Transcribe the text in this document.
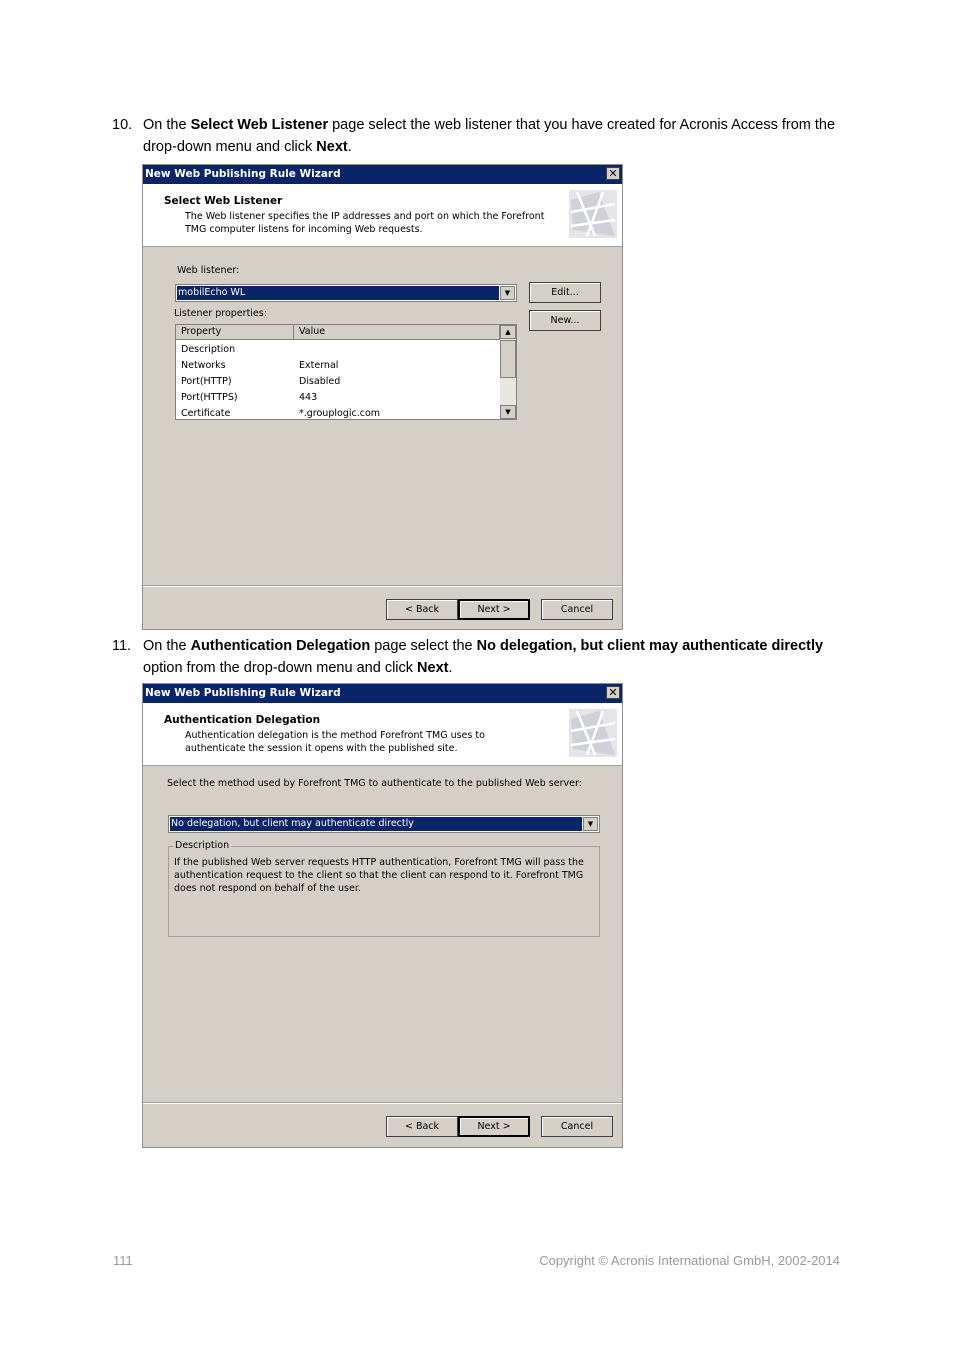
10. On the Select Web Listener page select the web listener that you have created for Acronis Access from the drop-down menu and click Next.
New Web Publishing Rule Wizard	✕
Select Web Listener
The Web listener specifies the IP addresses and port on which the Forefront TMG computer listens for incoming Web requests.
Web listener:
mobilEcho WL	▼	Edit...
New...
Listener properties:
Property	Value
Description
Networks	External
Port(HTTP)	Disabled
Port(HTTPS)	443
Certificate	*.grouplogic.com
▲
▼
< Back	Next >	Cancel
11. On the Authentication Delegation page select the No delegation, but client may authenticate directly option from the drop-down menu and click Next.
New Web Publishing Rule Wizard	✕
Authentication Delegation
Authentication delegation is the method Forefront TMG uses to authenticate the session it opens with the published site.
Select the method used by Forefront TMG to authenticate to the published Web server:
No delegation, but client may authenticate directly	▼
Description
If the published Web server requests HTTP authentication, Forefront TMG will pass the authentication request to the client so that the client can respond to it. Forefront TMG does not respond on behalf of the user.
< Back	Next >	Cancel
111	Copyright © Acronis International GmbH, 2002-2014
